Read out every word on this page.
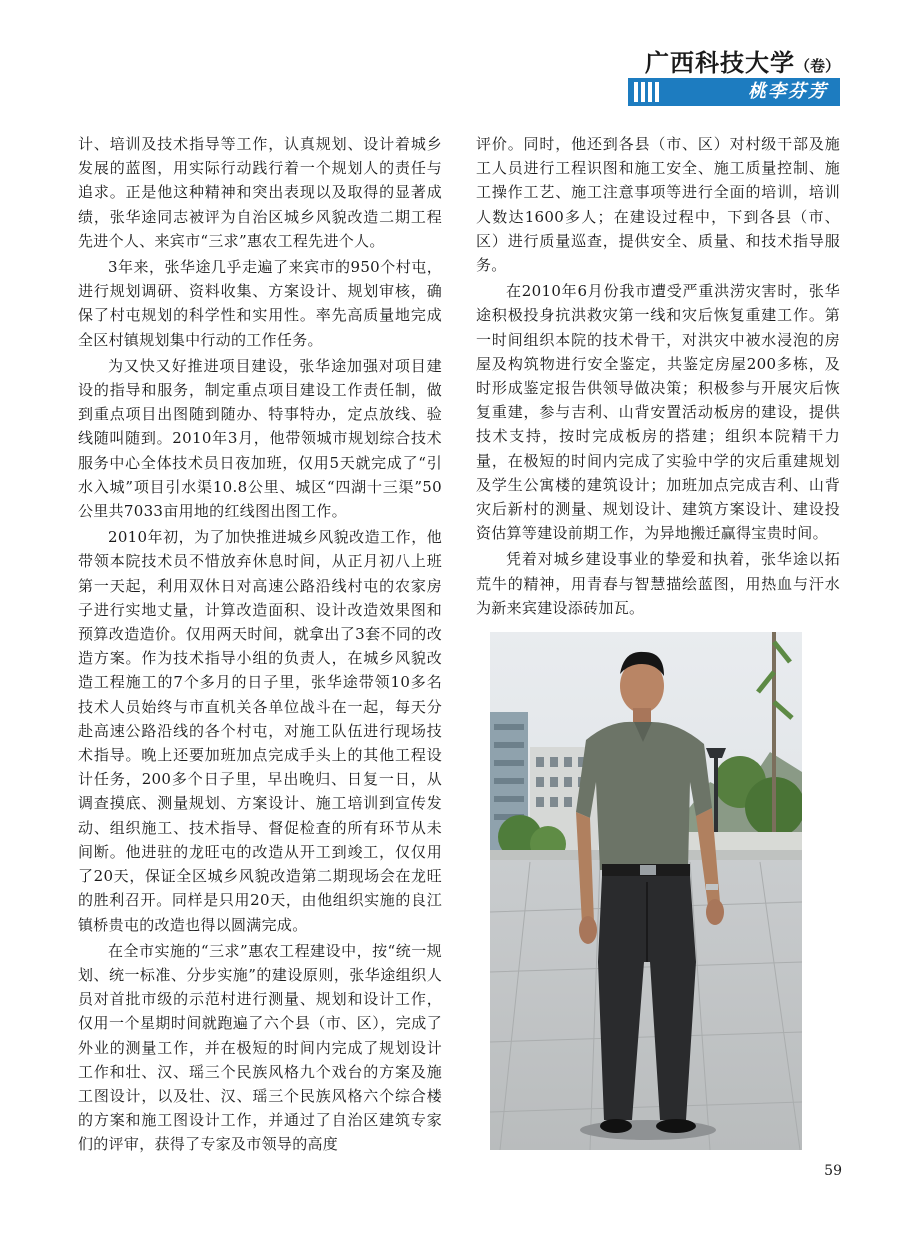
广西科技大学（卷）
桃李芬芳

计、培训及技术指导等工作，认真规划、设计着城乡发展的蓝图，用实际行动践行着一个规划人的责任与追求。正是他这种精神和突出表现以及取得的显著成绩，张华途同志被评为自治区城乡风貌改造二期工程先进个人、来宾市“三求”惠农工程先进个人。

3年来，张华途几乎走遍了来宾市的950个村屯，进行规划调研、资料收集、方案设计、规划审核，确保了村屯规划的科学性和实用性。率先高质量地完成全区村镇规划集中行动的工作任务。

为又快又好推进项目建设，张华途加强对项目建设的指导和服务，制定重点项目建设工作责任制，做到重点项目出图随到随办、特事特办，定点放线、验线随叫随到。2010年3月，他带领城市规划综合技术服务中心全体技术员日夜加班，仅用5天就完成了“引水入城”项目引水渠10.8公里、城区“四湖十三渠”50公里共7033亩用地的红线图出图工作。

2010年初，为了加快推进城乡风貌改造工作，他带领本院技术员不惜放弃休息时间，从正月初八上班第一天起，利用双休日对高速公路沿线村屯的农家房子进行实地丈量，计算改造面积、设计改造效果图和预算改造造价。仅用两天时间，就拿出了3套不同的改造方案。作为技术指导小组的负责人，在城乡风貌改造工程施工的7个多月的日子里，张华途带领10多名技术人员始终与市直机关各单位战斗在一起，每天分赴高速公路沿线的各个村屯，对施工队伍进行现场技术指导。晚上还要加班加点完成手头上的其他工程设计任务，200多个日子里，早出晚归、日复一日，从调查摸底、测量规划、方案设计、施工培训到宣传发动、组织施工、技术指导、督促检查的所有环节从未间断。他进驻的龙旺屯的改造从开工到竣工，仅仅用了20天，保证全区城乡风貌改造第二期现场会在龙旺的胜利召开。同样是只用20天，由他组织实施的良江镇桥贵屯的改造也得以圆满完成。

在全市实施的“三求”惠农工程建设中，按“统一规划、统一标准、分步实施”的建设原则，张华途组织人员对首批市级的示范村进行测量、规划和设计工作，仅用一个星期时间就跑遍了六个县（市、区），完成了外业的测量工作，并在极短的时间内完成了规划设计工作和壮、汉、瑶三个民族风格九个戏台的方案及施工图设计，以及壮、汉、瑶三个民族风格六个综合楼的方案和施工图设计工作，并通过了自治区建筑专家们的评审，获得了专家及市领导的高度

评价。同时，他还到各县（市、区）对村级干部及施工人员进行工程识图和施工安全、施工质量控制、施工操作工艺、施工注意事项等进行全面的培训，培训人数达1600多人；在建设过程中，下到各县（市、区）进行质量巡查，提供安全、质量、和技术指导服务。

在2010年6月份我市遭受严重洪涝灾害时，张华途积极投身抗洪救灾第一线和灾后恢复重建工作。第一时间组织本院的技术骨干，对洪灾中被水浸泡的房屋及构筑物进行安全鉴定，共鉴定房屋200多栋，及时形成鉴定报告供领导做决策；积极参与开展灾后恢复重建，参与吉利、山背安置活动板房的建设，提供技术支持，按时完成板房的搭建；组织本院精干力量，在极短的时间内完成了实验中学的灾后重建规划及学生公寓楼的建筑设计；加班加点完成吉利、山背灾后新村的测量、规划设计、建筑方案设计、建设投资估算等建设前期工作，为异地搬迁赢得宝贵时间。

凭着对城乡建设事业的挚爱和执着，张华途以拓荒牛的精神，用青春与智慧描绘蓝图，用热血与汗水为新来宾建设添砖加瓦。

59
